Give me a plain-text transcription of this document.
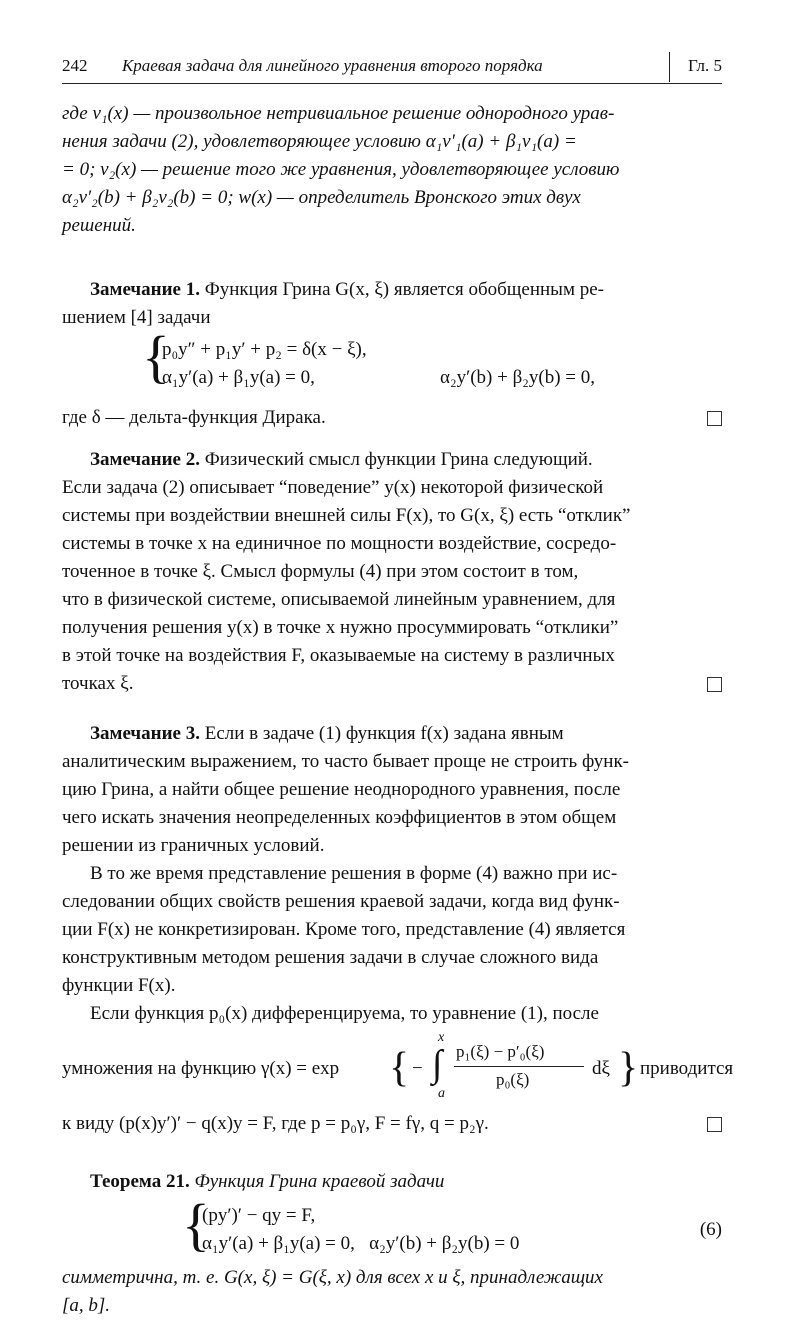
242 Краевая задача для линейного уравнения второго порядка	Гл. 5
где v₁(x) — произвольное нетривиальное решение однородного урав-
нения задачи (2), удовлетворяющее условию α₁v′₁(a) + β₁v₁(a) =
= 0; v₂(x) — решение того же уравнения, удовлетворяющее условию
α₂v′₂(b) + β₂v₂(b) = 0; w(x) — определитель Вронского этих двух
решений.
Замечание 1. Функция Грина G(x, ξ) является обобщенным ре-
шением [4] задачи
{
p₀y″ + p₁y′ + p₂ = δ(x − ξ),
α₁y′(a) + β₁y(a) = 0,	α₂y′(b) + β₂y(b) = 0,
где δ — дельта-функция Дирака.
Замечание 2. Физический смысл функции Грина следующий.
Если задача (2) описывает “поведение” y(x) некоторой физической
системы при воздействии внешней силы F(x), то G(x, ξ) есть “отклик”
системы в точке x на единичное по мощности воздействие, сосредо-
точенное в точке ξ. Смысл формулы (4) при этом состоит в том,
что в физической системе, описываемой линейным уравнением, для
получения решения y(x) в точке x нужно просуммировать “отклики”
в этой точке на воздействия F, оказываемые на систему в различных
точках ξ.
Замечание 3. Если в задаче (1) функция f(x) задана явным
аналитическим выражением, то часто бывает проще не строить функ-
цию Грина, а найти общее решение неоднородного уравнения, после
чего искать значения неопределенных коэффициентов в этом общем
решении из граничных условий.
В то же время представление решения в форме (4) важно при ис-
следовании общих свойств решения краевой задачи, когда вид функ-
ции F(x) не конкретизирован. Кроме того, представление (4) является
конструктивным методом решения задачи в случае сложного вида
функции F(x).
Если функция p₀(x) дифференцируема, то уравнение (1), после
умножения на функцию γ(x) = exp { −
x
∫
a
p₁(ξ) − p′₀(ξ)
p₀(ξ)
dξ } приводится
к виду (p(x)y′)′ − q(x)y = F, где p = p₀γ, F = fγ, q = p₂γ.
Теорема 21. Функция Грина краевой задачи
{
(py′)′ − qy = F,
α₁y′(a) + β₁y(a) = 0,   α₂y′(b) + β₂y(b) = 0
(6)
симметрична, т. е. G(x, ξ) = G(ξ, x) для всех x и ξ, принадлежащих
[a, b].
